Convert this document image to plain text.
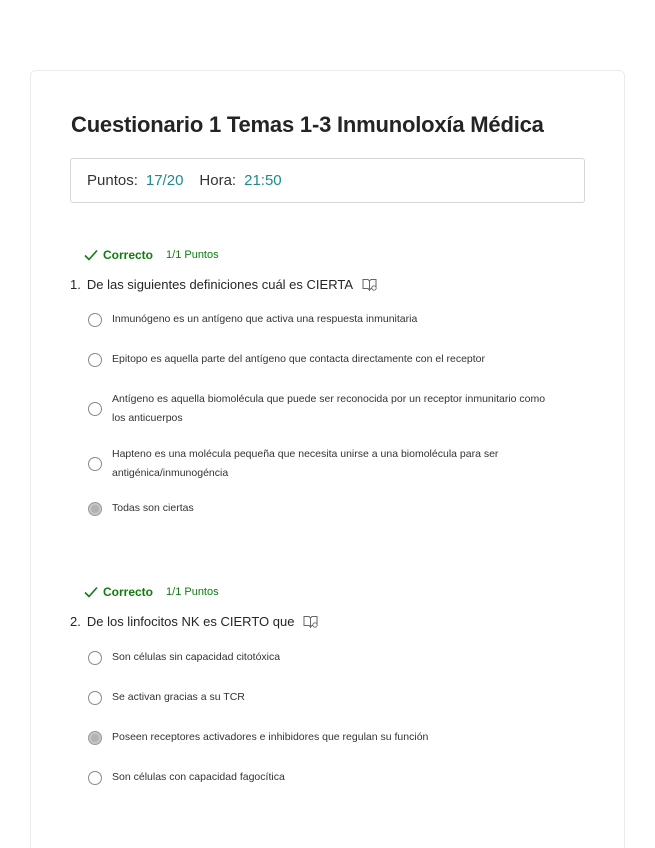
Cuestionario 1 Temas 1-3 Inmunoloxía Médica
Puntos: 17/20 Hora: 21:50
Correcto 1/1 Puntos
1. De las siguientes definiciones cuál es CIERTA
Inmunógeno es un antígeno que activa una respuesta inmunitaria
Epitopo es aquella parte del antígeno que contacta directamente con el receptor
Antígeno es aquella biomolécula que puede ser reconocida por un receptor inmunitario como los anticuerpos
Hapteno es una molécula pequeña que necesita unirse a una biomolécula para ser antigénica/inmunogéncia
Todas son ciertas
Correcto 1/1 Puntos
2. De los linfocitos NK es CIERTO que
Son células sin capacidad citotóxica
Se activan gracias a su TCR
Poseen receptores activadores e inhibidores que regulan su función
Son células con capacidad fagocítica
